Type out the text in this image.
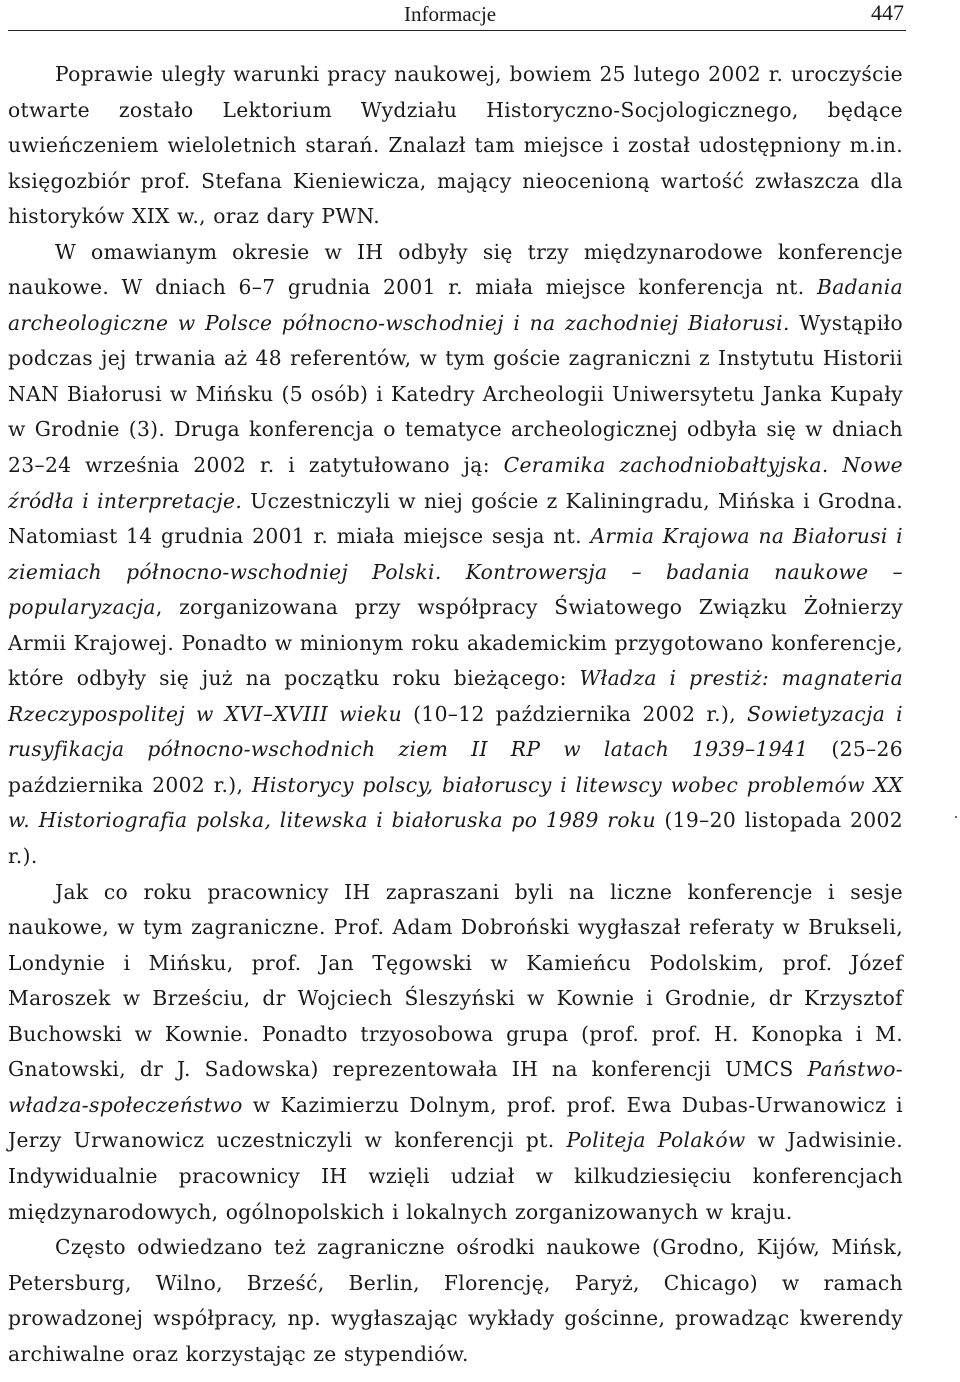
Informacje	447

Poprawie uległy warunki pracy naukowej, bowiem 25 lutego 2002 r. uroczyście otwarte zostało Lektorium Wydziału Historyczno-Socjologicznego, będące uwieńczeniem wieloletnich starań. Znalazł tam miejsce i został udostępniony m.in. księgozbiór prof. Stefana Kieniewicza, mający nieocenioną wartość zwłaszcza dla historyków XIX w., oraz dary PWN.

W omawianym okresie w IH odbyły się trzy międzynarodowe konferencje naukowe. W dniach 6–7 grudnia 2001 r. miała miejsce konferencja nt. Badania archeologiczne w Polsce północno-wschodniej i na zachodniej Białorusi. Wystąpiło podczas jej trwania aż 48 referentów, w tym goście zagraniczni z Instytutu Historii NAN Białorusi w Mińsku (5 osób) i Katedry Archeologii Uniwersytetu Janka Kupały w Grodnie (3). Druga konferencja o tematyce archeologicznej odbyła się w dniach 23–24 września 2002 r. i zatytułowano ją: Ceramika zachodniobałtyjska. Nowe źródła i interpretacje. Uczestniczyli w niej goście z Kaliningradu, Mińska i Grodna. Natomiast 14 grudnia 2001 r. miała miejsce sesja nt. Armia Krajowa na Białorusi i ziemiach północno-wschodniej Polski. Kontrowersja – badania naukowe – popularyzacja, zorganizowana przy współpracy Światowego Związku Żołnierzy Armii Krajowej. Ponadto w minionym roku akademickim przygotowano konferencje, które odbyły się już na początku roku bieżącego: Władza i prestiż: magnateria Rzeczypospolitej w XVI–XVIII wieku (10–12 października 2002 r.), Sowietyzacja i rusyfikacja północno-wschodnich ziem II RP w latach 1939–1941 (25–26 października 2002 r.), Historycy polscy, białoruscy i litewscy wobec problemów XX w. Historiografia polska, litewska i białoruska po 1989 roku (19–20 listopada 2002 r.).

Jak co roku pracownicy IH zapraszani byli na liczne konferencje i sesje naukowe, w tym zagraniczne. Prof. Adam Dobroński wygłaszał referaty w Brukseli, Londynie i Mińsku, prof. Jan Tęgowski w Kamieńcu Podolskim, prof. Józef Maroszek w Brześciu, dr Wojciech Śleszyński w Kownie i Grodnie, dr Krzysztof Buchowski w Kownie. Ponadto trzyosobowa grupa (prof. prof. H. Konopka i M. Gnatowski, dr J. Sadowska) reprezentowała IH na konferencji UMCS Państwo-władza-społeczeństwo w Kazimierzu Dolnym, prof. prof. Ewa Dubas-Urwanowicz i Jerzy Urwanowicz uczestniczyli w konferencji pt. Politeja Polaków w Jadwisinie. Indywidualnie pracownicy IH wzięli udział w kilkudziesięciu konferencjach międzynarodowych, ogólnopolskich i lokalnych zorganizowanych w kraju.

Często odwiedzano też zagraniczne ośrodki naukowe (Grodno, Kijów, Mińsk, Petersburg, Wilno, Brześć, Berlin, Florencję, Paryż, Chicago) w ramach prowadzonej współpracy, np. wygłaszając wykłady gościnne, prowadząc kwerendy archiwalne oraz korzystając ze stypendiów.
